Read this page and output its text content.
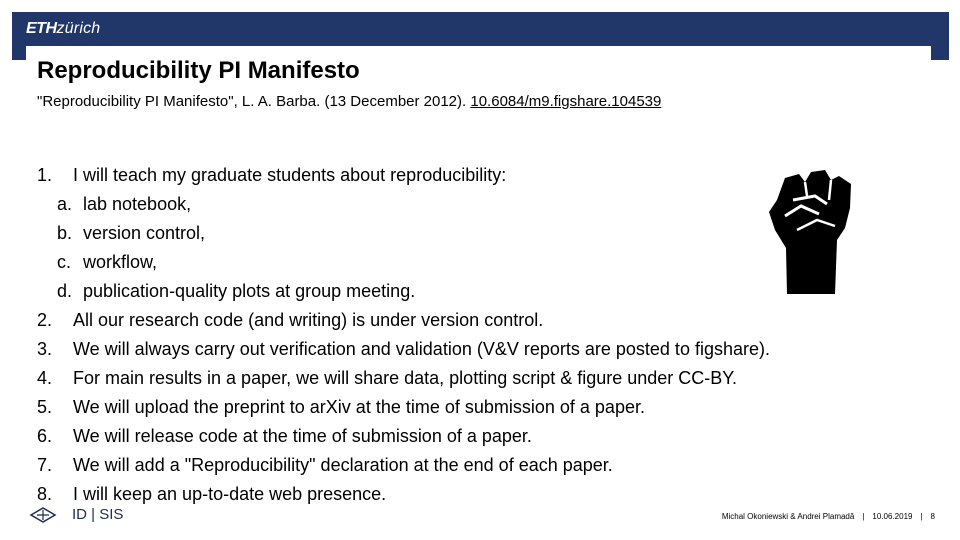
ETHzürich
Reproducibility PI Manifesto
"Reproducibility PI Manifesto", L. A. Barba. (13 December 2012). 10.6084/m9.figshare.104539
1.	I will teach my graduate students about reproducibility:
a. lab notebook,
b. version control,
c. workflow,
d. publication-quality plots at group meeting.
2.	All our research code (and writing) is under version control.
3.	We will always carry out verification and validation (V&V reports are posted to figshare).
4.	For main results in a paper, we will share data, plotting script & figure under CC-BY.
5.	We will upload the preprint to arXiv at the time of submission of a paper.
6.	We will release code at the time of submission of a paper.
7.	We will add a "Reproducibility" declaration at the end of each paper.
8.	I will keep an up-to-date web presence.
ID | SIS	Michal Okoniewski & Andrei Plamadă | 10.06.2019 | 8
